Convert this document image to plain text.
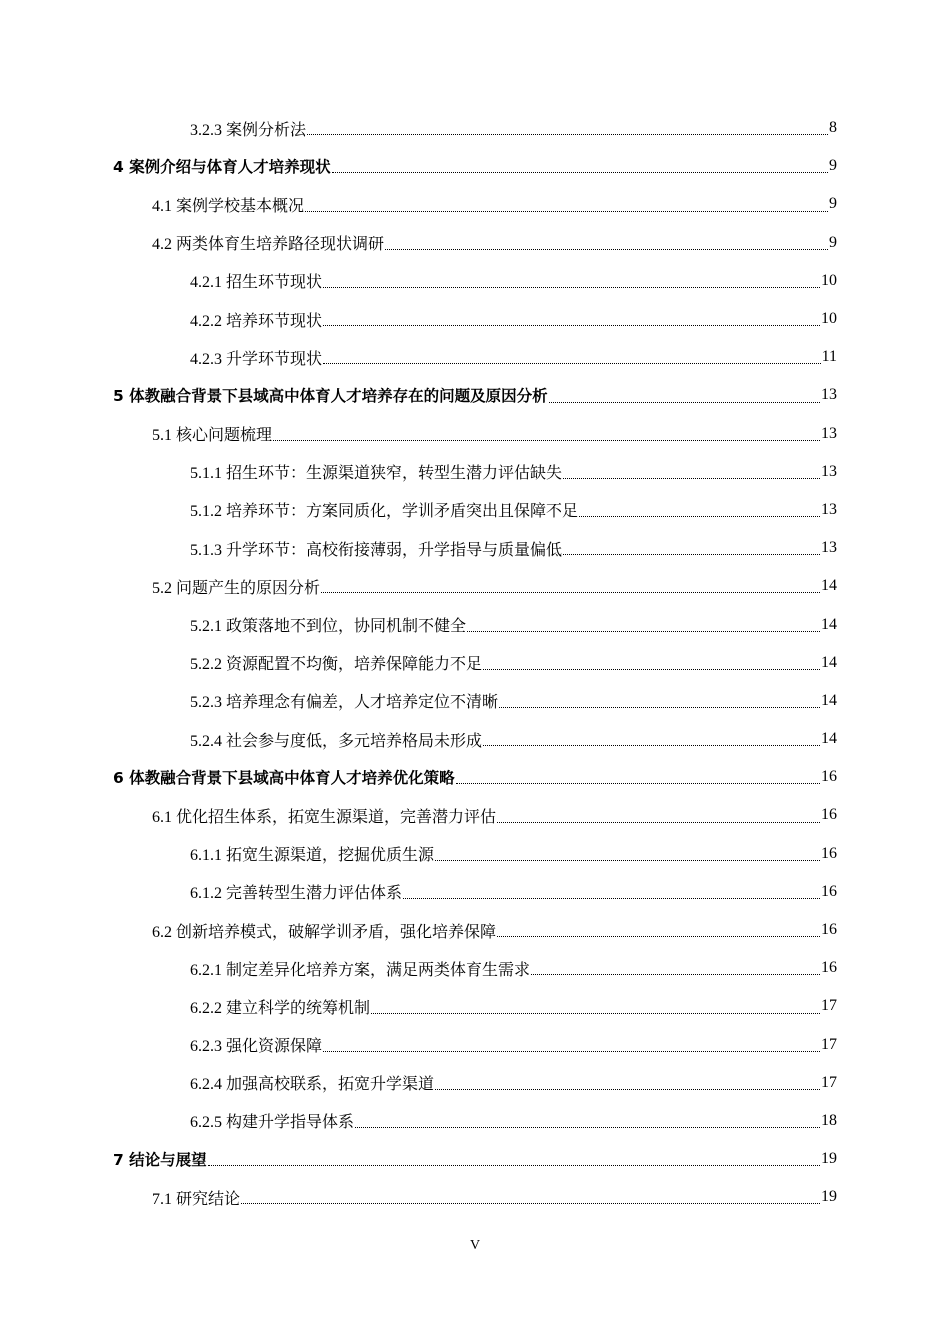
3.2.3 案例分析法	8
4 案例介绍与体育人才培养现状	9
4.1 案例学校基本概况	9
4.2 两类体育生培养路径现状调研	9
4.2.1 招生环节现状	10
4.2.2 培养环节现状	10
4.2.3 升学环节现状	11
5 体教融合背景下县域高中体育人才培养存在的问题及原因分析	13
5.1 核心问题梳理	13
5.1.1 招生环节：生源渠道狭窄，转型生潜力评估缺失	13
5.1.2 培养环节：方案同质化，学训矛盾突出且保障不足	13
5.1.3 升学环节：高校衔接薄弱，升学指导与质量偏低	13
5.2 问题产生的原因分析	14
5.2.1 政策落地不到位，协同机制不健全	14
5.2.2 资源配置不均衡，培养保障能力不足	14
5.2.3 培养理念有偏差，人才培养定位不清晰	14
5.2.4 社会参与度低，多元培养格局未形成	14
6 体教融合背景下县域高中体育人才培养优化策略	16
6.1 优化招生体系，拓宽生源渠道，完善潜力评估	16
6.1.1 拓宽生源渠道，挖掘优质生源	16
6.1.2 完善转型生潜力评估体系	16
6.2 创新培养模式，破解学训矛盾，强化培养保障	16
6.2.1 制定差异化培养方案，满足两类体育生需求	16
6.2.2 建立科学的统筹机制	17
6.2.3 强化资源保障	17
6.2.4 加强高校联系，拓宽升学渠道	17
6.2.5 构建升学指导体系	18
7 结论与展望	19
7.1 研究结论	19
V
